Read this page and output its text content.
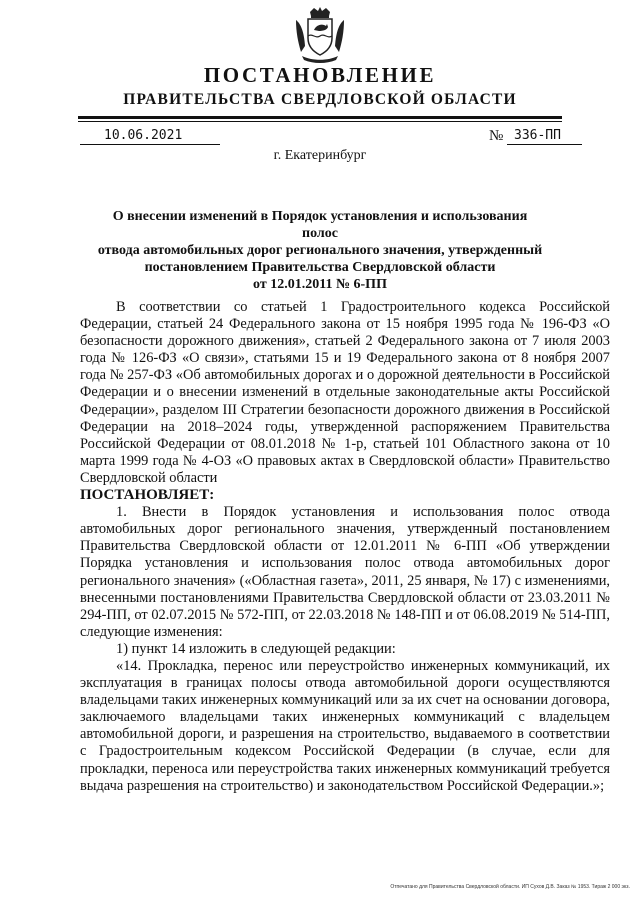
ПОСТАНОВЛЕНИЕ
ПРАВИТЕЛЬСТВА СВЕРДЛОВСКОЙ ОБЛАСТИ
10.06.2021	№ 336-ПП
г. Екатеринбург
О внесении изменений в Порядок установления и использования полос
отвода автомобильных дорог регионального значения, утвержденный
постановлением Правительства Свердловской области
от 12.01.2011 № 6-ПП

В соответствии со статьей 1 Градостроительного кодекса Российской Федерации, статьей 24 Федерального закона от 15 ноября 1995 года № 196-ФЗ «О безопасности дорожного движения», статьей 2 Федерального закона от 7 июля 2003 года № 126-ФЗ «О связи», статьями 15 и 19 Федерального закона от 8 ноября 2007 года № 257-ФЗ «Об автомобильных дорогах и о дорожной деятельности в Российской Федерации и о внесении изменений в отдельные законодательные акты Российской Федерации», разделом III Стратегии безопасности дорожного движения в Российской Федерации на 2018–2024 годы, утвержденной распоряжением Правительства Российской Федерации от 08.01.2018 № 1-р, статьей 101 Областного закона от 10 марта 1999 года № 4-ОЗ «О правовых актах в Свердловской области» Правительство Свердловской области

ПОСТАНОВЛЯЕТ:

1. Внести в Порядок установления и использования полос отвода автомобильных дорог регионального значения, утвержденный постановлением Правительства Свердловской области от 12.01.2011 № 6-ПП «Об утверждении Порядка установления и использования полос отвода автомобильных дорог регионального значения» («Областная газета», 2011, 25 января, № 17) с изменениями, внесенными постановлениями Правительства Свердловской области от 23.03.2011 № 294-ПП, от 02.07.2015 № 572-ПП, от 22.03.2018 № 148-ПП и от 06.08.2019 № 514-ПП, следующие изменения:

1) пункт 14 изложить в следующей редакции:

«14. Прокладка, перенос или переустройство инженерных коммуникаций, их эксплуатация в границах полосы отвода автомобильной дороги осуществляются владельцами таких инженерных коммуникаций или за их счет на основании договора, заключаемого владельцами таких инженерных коммуникаций с владельцем автомобильной дороги, и разрешения на строительство, выдаваемого в соответствии с Градостроительным кодексом Российской Федерации (в случае, если для прокладки, переноса или переустройства таких инженерных коммуникаций требуется выдача разрешения на строительство) и законодательством Российской Федерации.»;

Отпечатано для Правительства Свердловской области. ИП Сухов Д.В. Заказ № 1953. Тираж 2 000 экз.
